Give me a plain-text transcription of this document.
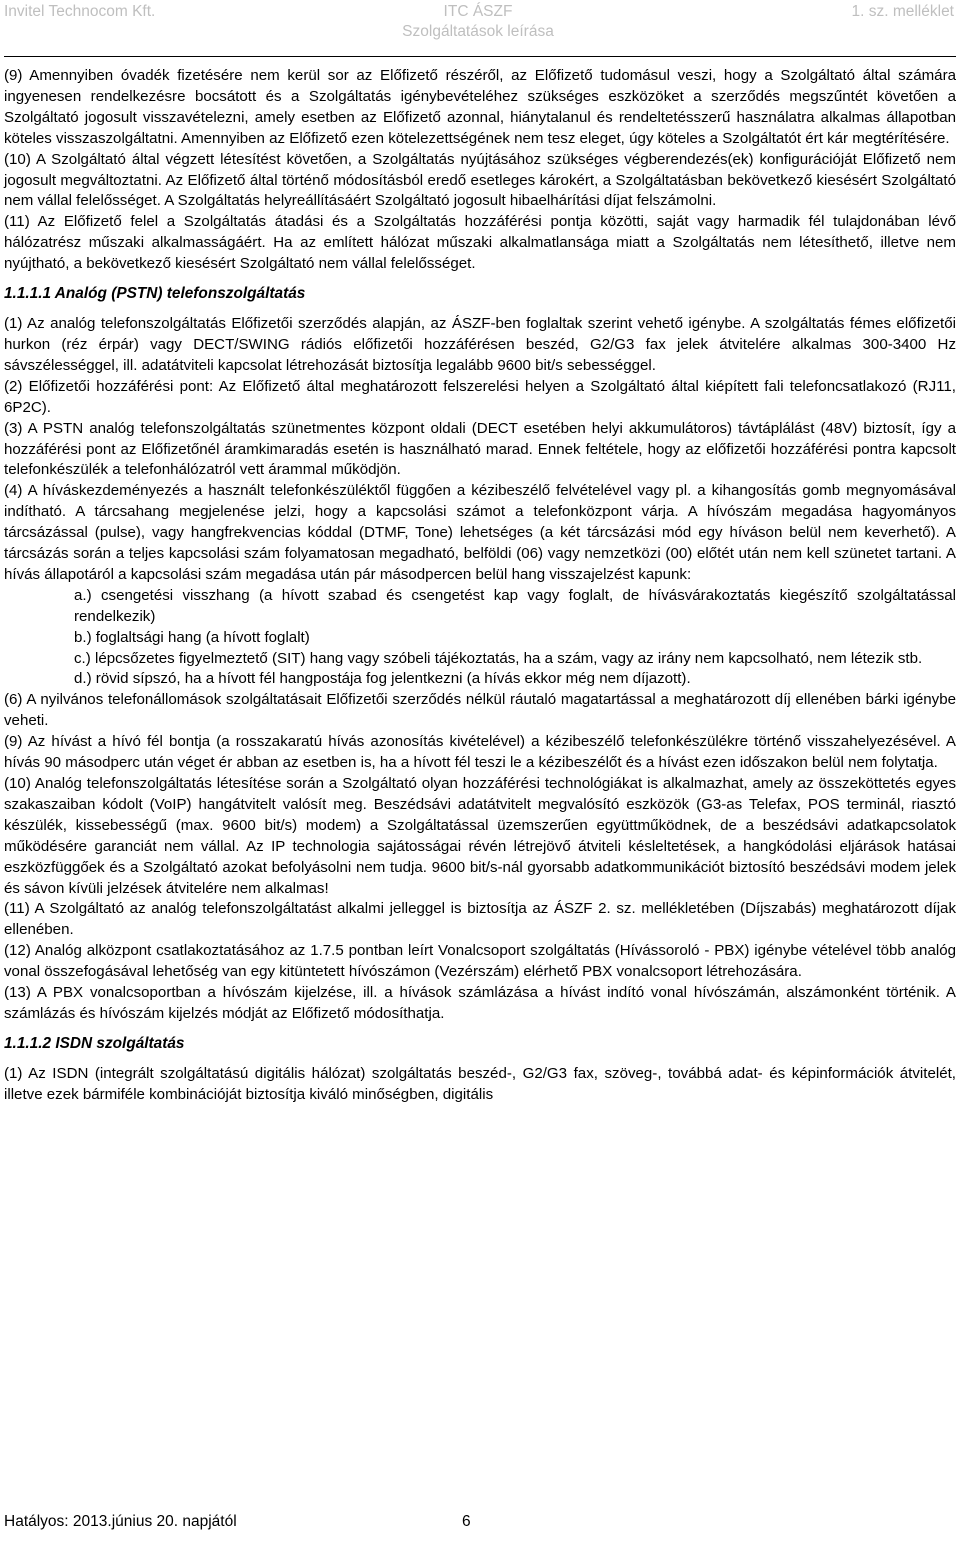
Invitel Technocom Kft.	ITC ÁSZF	1. sz. melléklet
Szolgáltatások leírása

(9) Amennyiben óvadék fizetésére nem kerül sor az Előfizető részéről, az Előfizető tudomásul veszi, hogy a Szolgáltató által számára ingyenesen rendelkezésre bocsátott és a Szolgáltatás igénybevételéhez szükséges eszközöket a szerződés megszűntét követően a Szolgáltató jogosult visszavételezni, amely esetben az Előfizető azonnal, hiánytalanul és rendeltetésszerű használatra alkalmas állapotban köteles visszaszolgáltatni. Amennyiben az Előfizető ezen kötelezettségének nem tesz eleget, úgy köteles a Szolgáltatót ért kár megtérítésére.

(10) A Szolgáltató által végzett létesítést követően, a Szolgáltatás nyújtásához szükséges végberendezés(ek) konfigurációját Előfizető nem jogosult megváltoztatni. Az Előfizető által történő módosításból eredő esetleges károkért, a Szolgáltatásban bekövetkező kiesésért Szolgáltató nem vállal felelősséget. A Szolgáltatás helyreállításáért Szolgáltató jogosult hibaelhárítási díjat felszámolni.

(11) Az Előfizető felel a Szolgáltatás átadási és a Szolgáltatás hozzáférési pontja közötti, saját vagy harmadik fél tulajdonában lévő hálózatrész műszaki alkalmasságáért. Ha az említett hálózat műszaki alkalmatlansága miatt a Szolgáltatás nem létesíthető, illetve nem nyújtható, a bekövetkező kiesésért Szolgáltató nem vállal felelősséget.

1.1.1.1 Analóg (PSTN) telefonszolgáltatás

(1) Az analóg telefonszolgáltatás Előfizetői szerződés alapján, az ÁSZF-ben foglaltak szerint vehető igénybe. A szolgáltatás fémes előfizetői hurkon (réz érpár) vagy DECT/SWING rádiós előfizetői hozzáférésen beszéd, G2/G3 fax jelek átvitelére alkalmas 300-3400 Hz sávszélességgel, ill. adatátviteli kapcsolat létrehozását biztosítja legalább 9600 bit/s sebességgel.

(2) Előfizetői hozzáférési pont: Az Előfizető által meghatározott felszerelési helyen a Szolgáltató által kiépített fali telefoncsatlakozó (RJ11, 6P2C).

(3) A PSTN analóg telefonszolgáltatás szünetmentes központ oldali (DECT esetében helyi akkumulátoros) távtáplálást (48V) biztosít, így a hozzáférési pont az Előfizetőnél áramkimaradás esetén is használható marad. Ennek feltétele, hogy az előfizetői hozzáférési pontra kapcsolt telefonkészülék a telefonhálózatról vett árammal működjön.

(4) A híváskezdeményezés a használt telefonkészüléktől függően a kézibeszélő felvételével vagy pl. a kihangosítás gomb megnyomásával indítható. A tárcsahang megjelenése jelzi, hogy a kapcsolási számot a telefonközpont várja. A hívószám megadása hagyományos tárcsázással (pulse), vagy hangfrekvencias kóddal (DTMF, Tone) lehetséges (a két tárcsázási mód egy híváson belül nem keverhető). A tárcsázás során a teljes kapcsolási szám folyamatosan megadható, belföldi (06) vagy nemzetközi (00) előtét után nem kell szünetet tartani. A hívás állapotáról a kapcsolási szám megadása után pár másodpercen belül hang visszajelzést kapunk:

a.) csengetési visszhang (a hívott szabad és csengetést kap vagy foglalt, de hívásvárakoztatás kiegészítő szolgáltatással rendelkezik)

b.) foglaltsági hang (a hívott foglalt)

c.) lépcsőzetes figyelmeztető (SIT) hang vagy szóbeli tájékoztatás, ha a szám, vagy az irány nem kapcsolható, nem létezik stb.

d.) rövid sípszó, ha a hívott fél hangpostája fog jelentkezni (a hívás ekkor még nem díjazott).

(6) A nyilvános telefonállomások szolgáltatásait Előfizetői szerződés nélkül ráutaló magatartással a meghatározott díj ellenében bárki igénybe veheti.

(9) Az hívást a hívó fél bontja (a rosszakaratú hívás azonosítás kivételével) a kézibeszélő telefonkészülékre történő visszahelyezésével. A hívás 90 másodperc után véget ér abban az esetben is, ha a hívott fél teszi le a kézibeszélőt és a hívást ezen időszakon belül nem folytatja.

(10) Analóg telefonszolgáltatás létesítése során a Szolgáltató olyan hozzáférési technológiákat is alkalmazhat, amely az összeköttetés egyes szakaszaiban kódolt (VoIP) hangátvitelt valósít meg. Beszédsávi adatátvitelt megvalósító eszközök (G3-as Telefax, POS terminál, riasztó készülék, kissebességű (max. 9600 bit/s) modem) a Szolgáltatással üzemszerűen együttműködnek, de a beszédsávi adatkapcsolatok működésére garanciát nem vállal. Az IP technologia sajátosságai révén létrejövő átviteli késleltetések, a hangkódolási eljárások hatásai eszközfüggőek és a Szolgáltató azokat befolyásolni nem tudja. 9600 bit/s-nál gyorsabb adatkommunikációt biztosító beszédsávi modem jelek és sávon kívüli jelzések átvitelére nem alkalmas!

(11) A Szolgáltató az analóg telefonszolgáltatást alkalmi jelleggel is biztosítja az ÁSZF 2. sz. mellékletében (Díjszabás) meghatározott díjak ellenében.

(12) Analóg alközpont csatlakoztatásához az 1.7.5 pontban leírt Vonalcsoport szolgáltatás (Hívássoroló - PBX) igénybe vételével több analóg vonal összefogásával lehetőség van egy kitüntetett hívószámon (Vezérszám) elérhető PBX vonalcsoport létrehozására.

(13) A PBX vonalcsoportban a hívószám kijelzése, ill. a hívások számlázása a hívást indító vonal hívószámán, alszámonként történik. A számlázás és hívószám kijelzés módját az Előfizető módosíthatja.

1.1.1.2 ISDN szolgáltatás

(1) Az ISDN (integrált szolgáltatású digitális hálózat) szolgáltatás beszéd-, G2/G3 fax, szöveg-, továbbá adat- és képinformációk átvitelét, illetve ezek bármiféle kombinációját biztosítja kiváló minőségben, digitális

Hatályos: 2013.június 20. napjától	6
